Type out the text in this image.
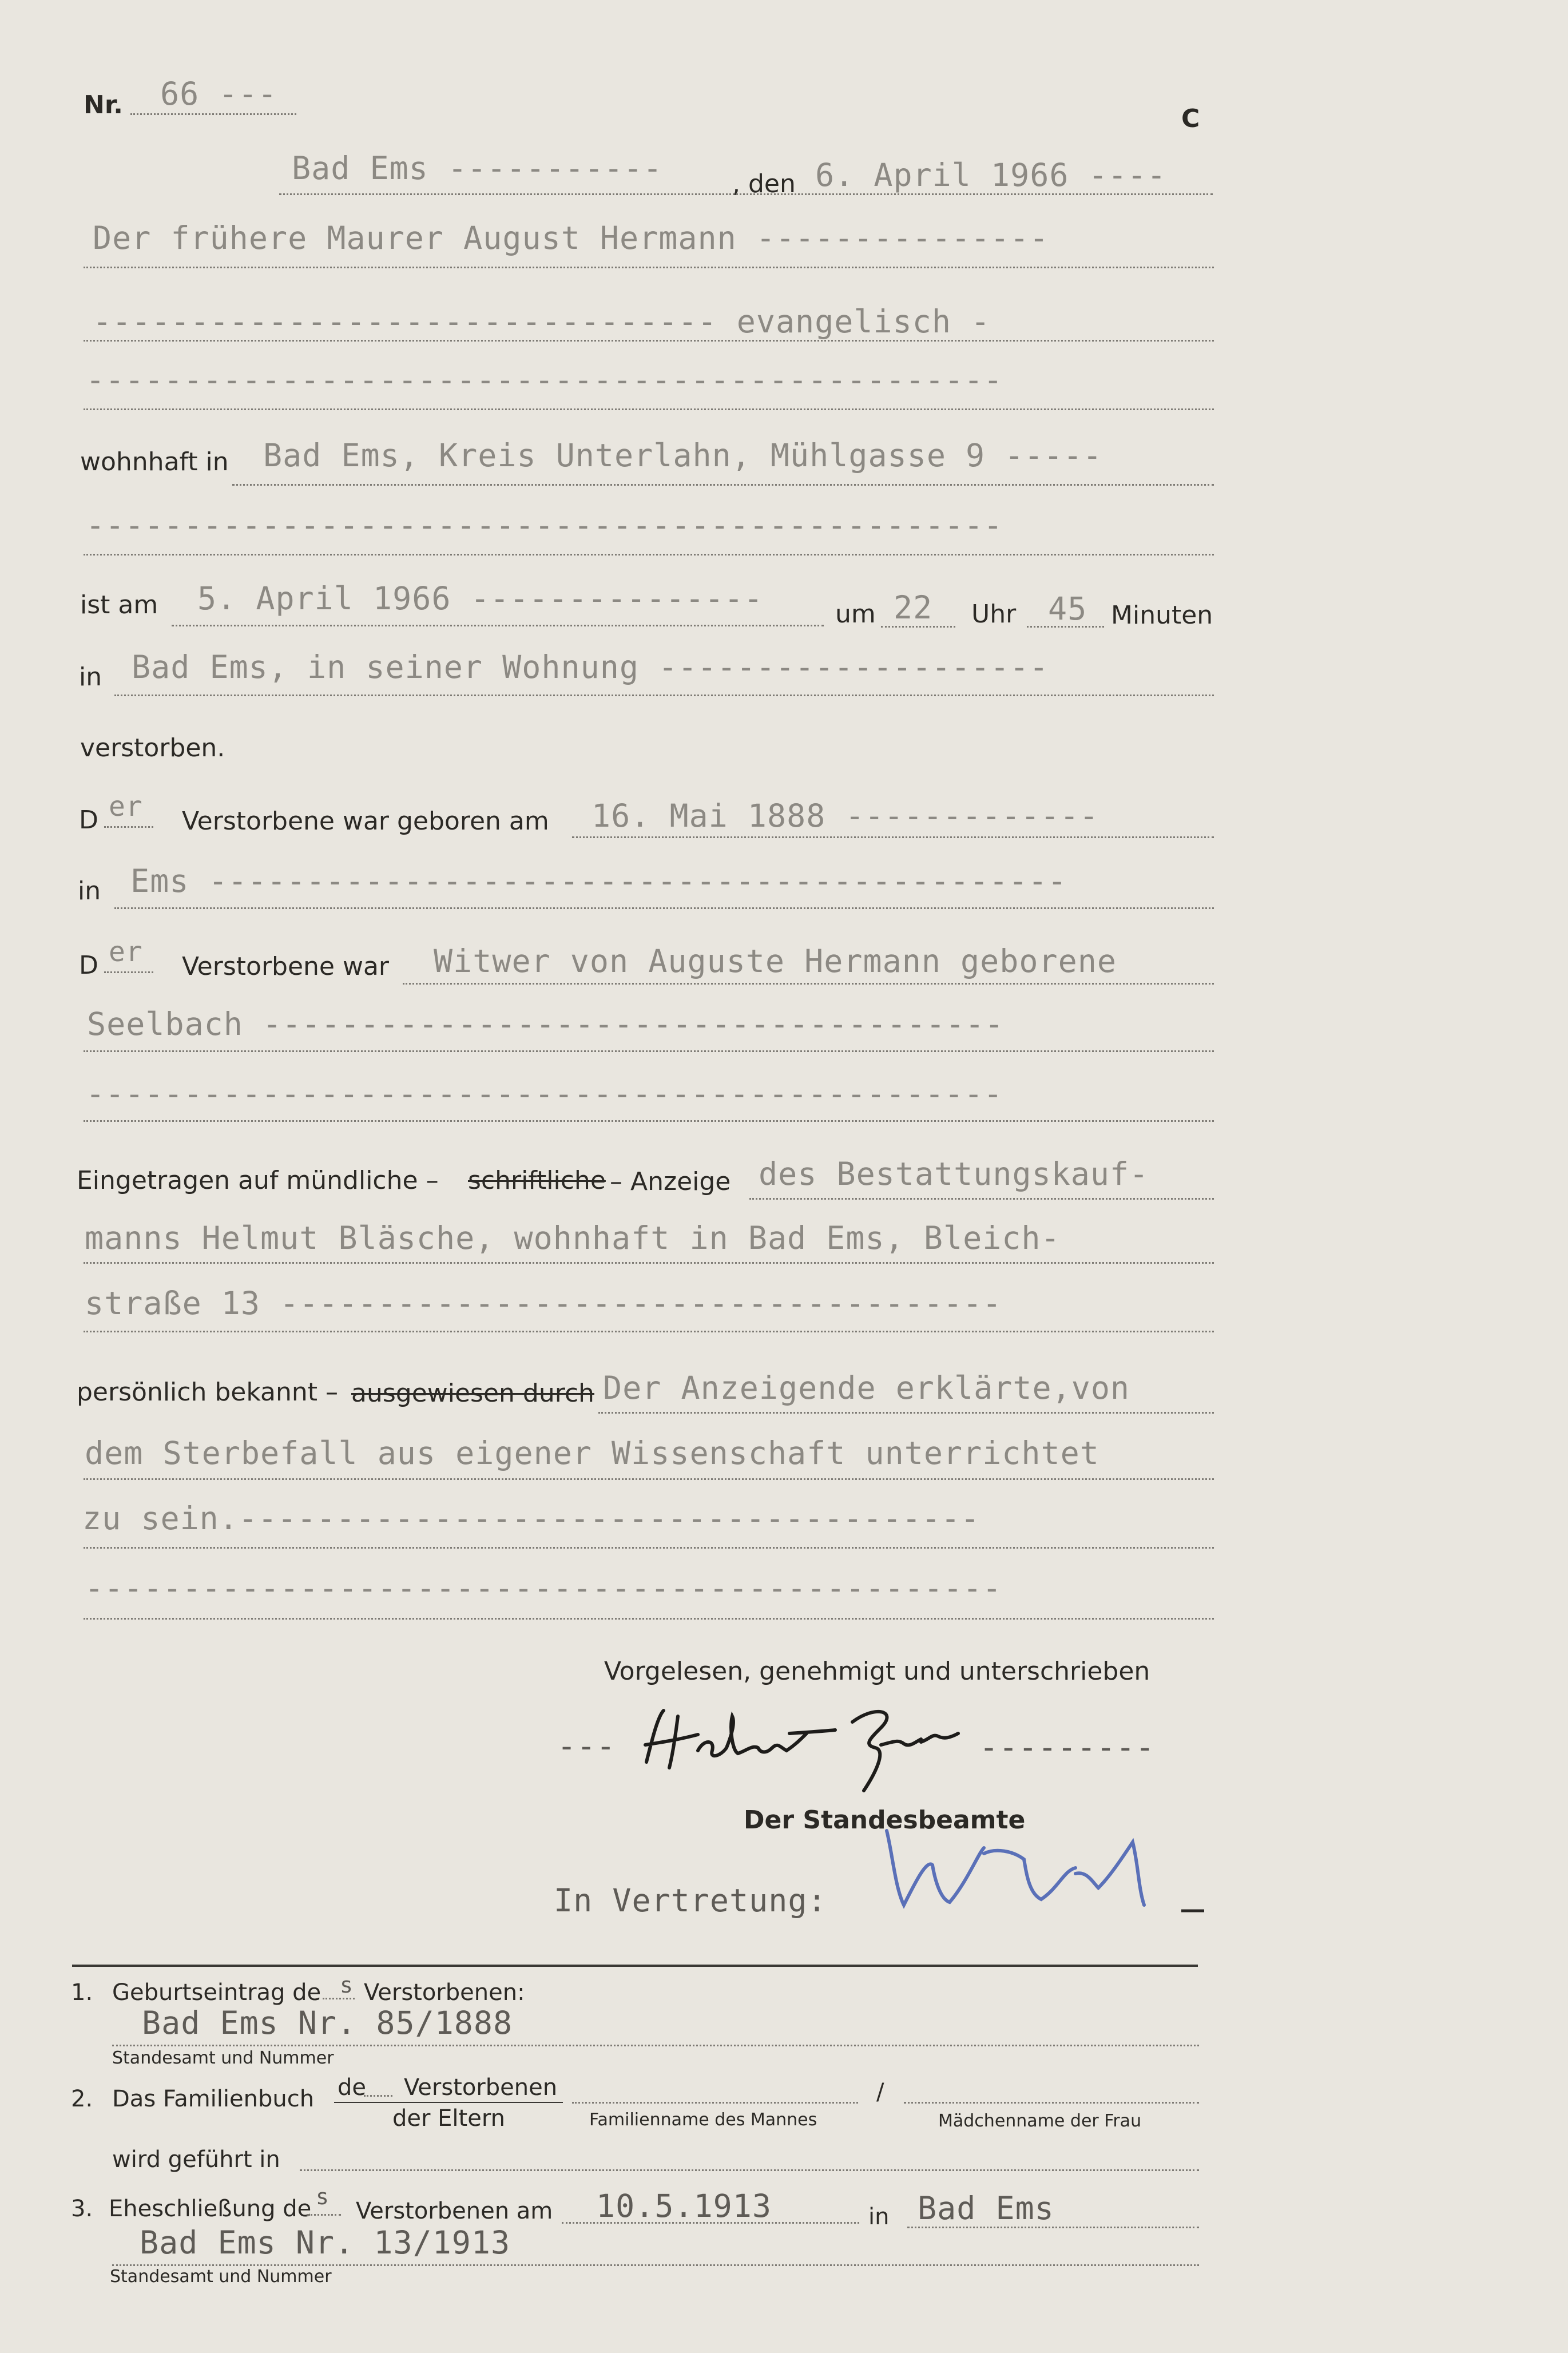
Nr. 66 ---
C
Bad Ems -----------	, den 6. April 1966 ----
Der frühere Maurer August Hermann ---------------
-------------------------------- evangelisch -
-----------------------------------------------
wohnhaft in Bad Ems, Kreis Unterlahn, Mühlgasse 9 -----
-----------------------------------------------
ist am 5. April 1966 ---------------	um 22 Uhr 45 Minuten
in Bad Ems, in seiner Wohnung --------------------
verstorben.
D er Verstorbene war geboren am 16. Mai 1888 -------------
in Ems --------------------------------------------
D er Verstorbene war Witwer von Auguste Hermann geborene
Seelbach --------------------------------------
-----------------------------------------------
Eingetragen auf mündliche – schriftliche – Anzeige des Bestattungskauf-
manns Helmut Bläsche, wohnhaft in Bad Ems, Bleich-
straße 13 -------------------------------------
persönlich bekannt – ausgewiesen durch Der Anzeigende erklärte,von
dem Sterbefall aus eigener Wissenschaft unterrichtet
zu sein.--------------------------------------
-----------------------------------------------
Vorgelesen, genehmigt und unterschrieben
---	---------
Der Standesbeamte
In Vertretung:
1. Geburtseintrag de s Verstorbenen:
Bad Ems Nr. 85/1888
Standesamt und Nummer
2. Das Familienbuch de Verstorbenen
der Eltern	Familienname des Mannes
/
Mädchenname der Frau
wird geführt in
3. Eheschließung de s
Verstorbenen am 10.5.1913	in Bad Ems
Bad Ems Nr. 13/1913
Standesamt und Nummer
